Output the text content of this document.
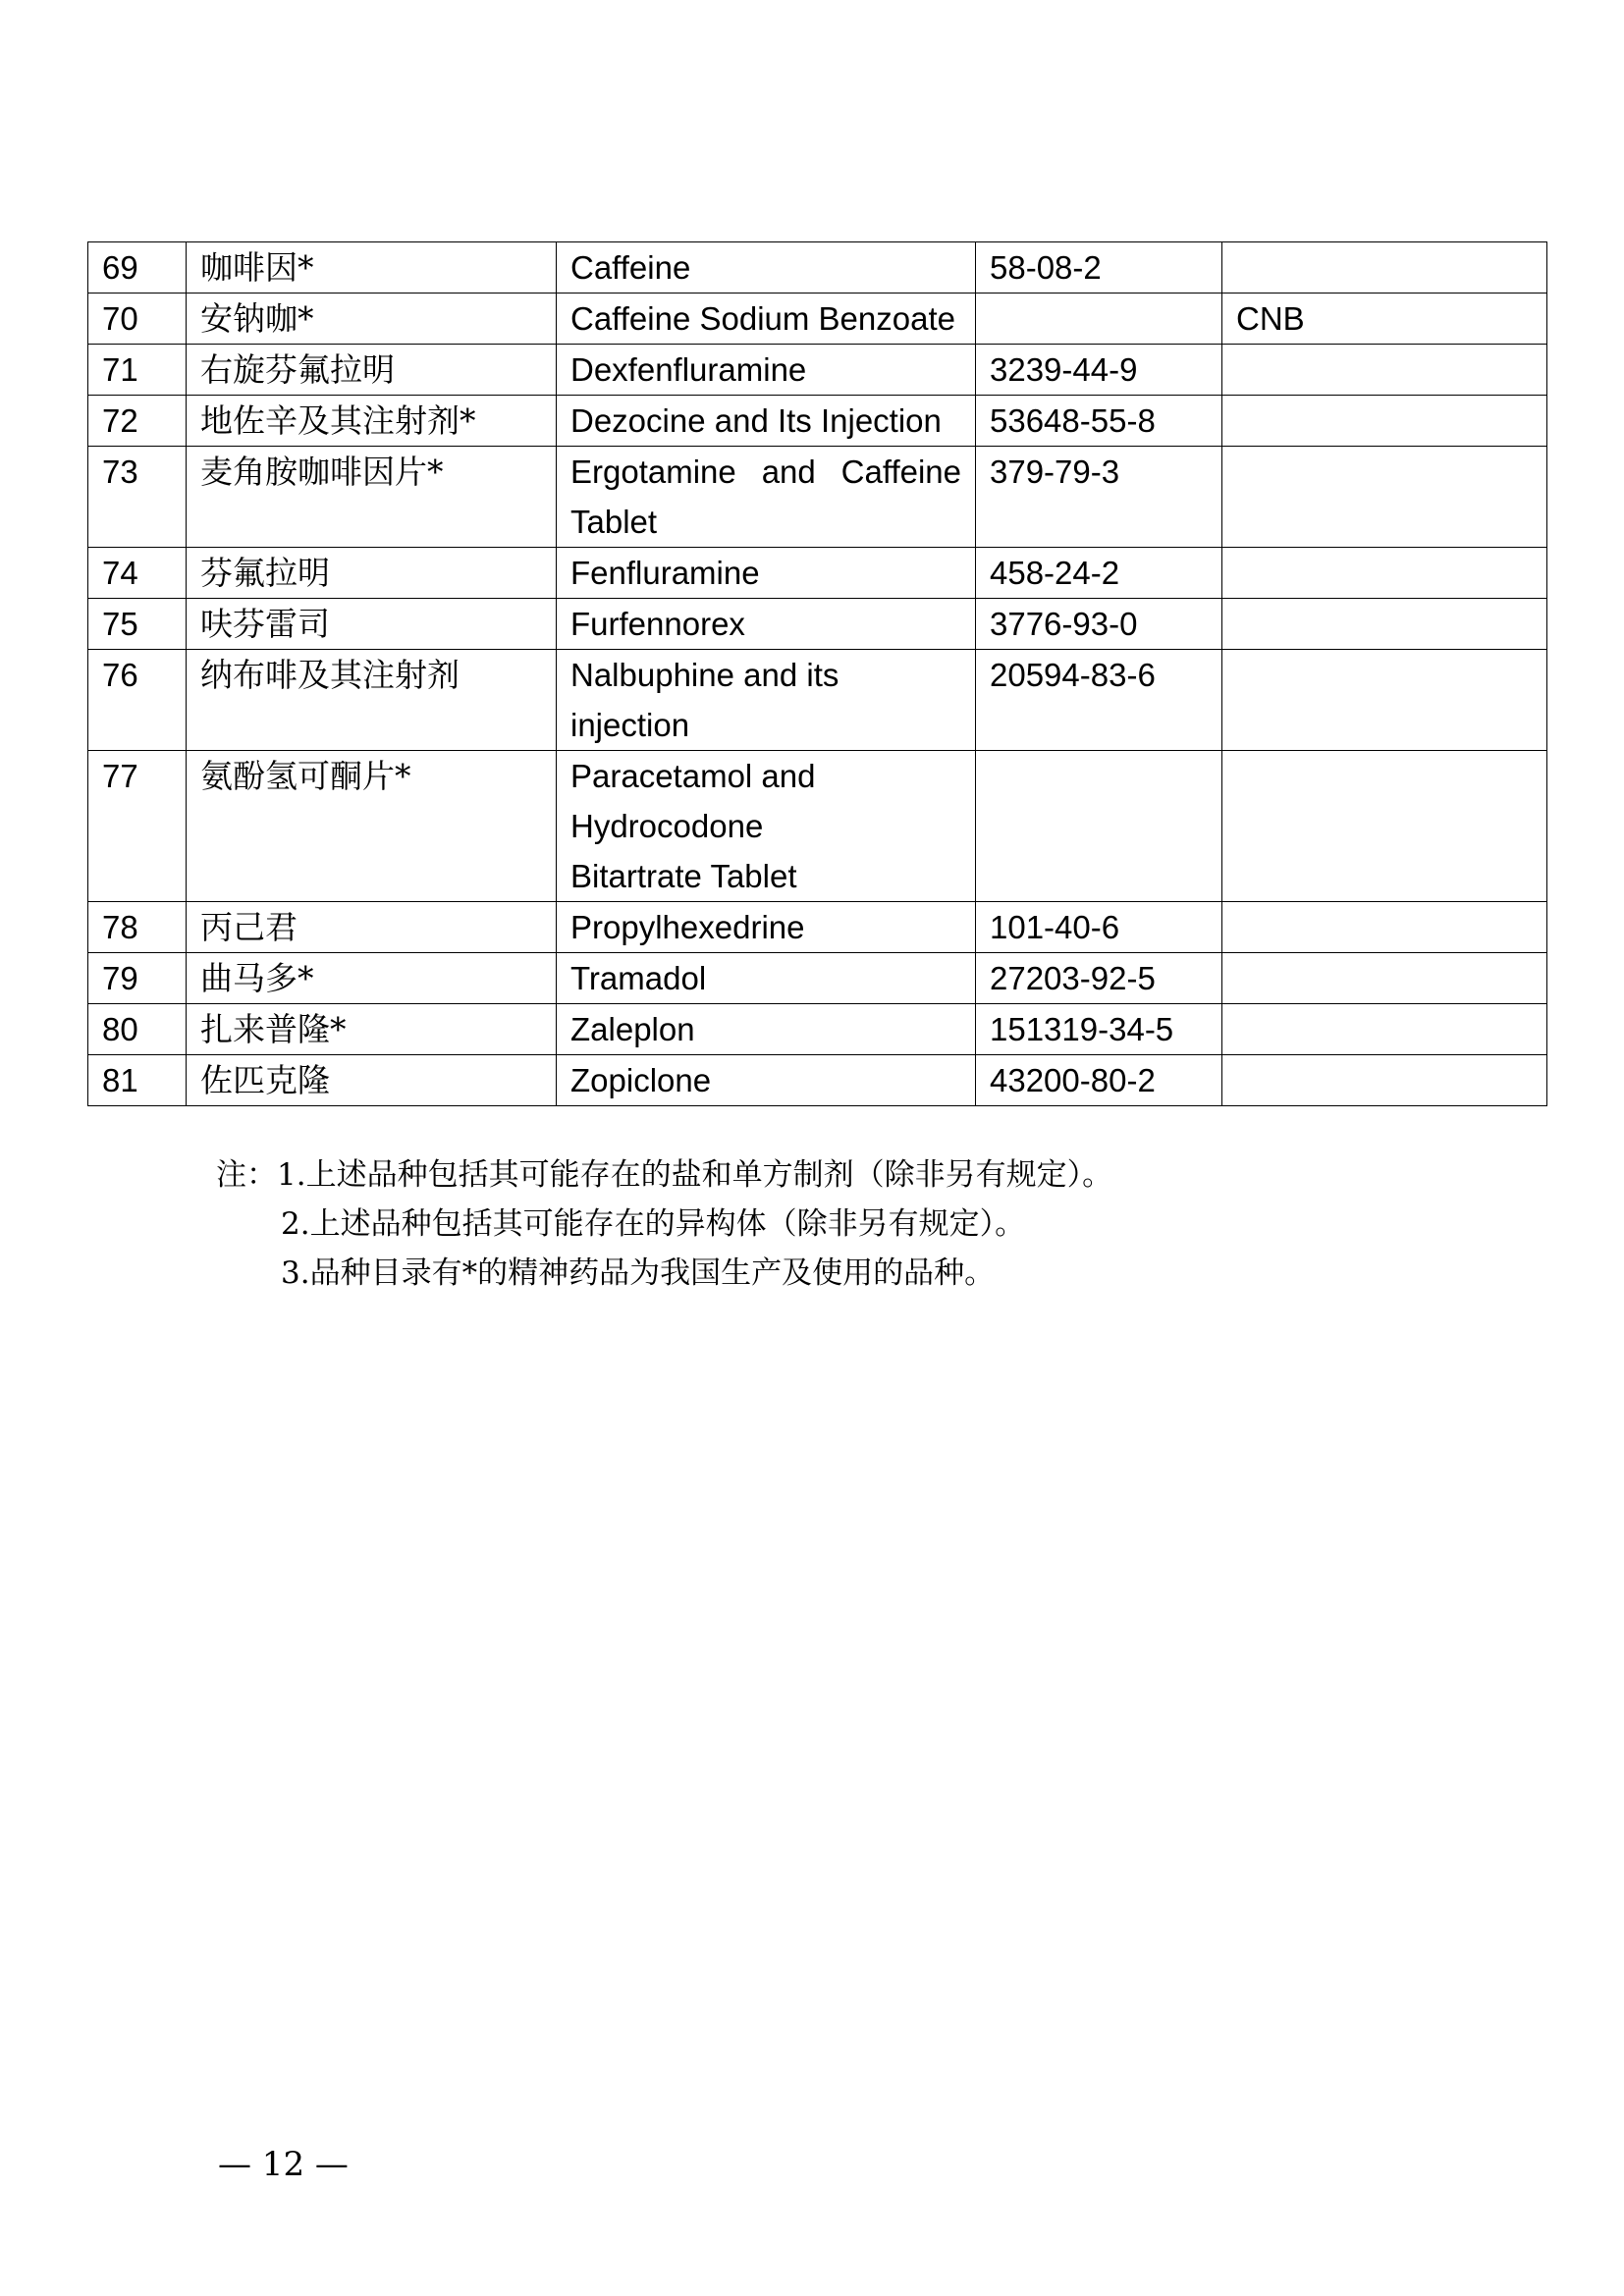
69	咖啡因*	Caffeine	58-08-2	
70	安钠咖*	Caffeine Sodium Benzoate		CNB
71	右旋芬氟拉明	Dexfenfluramine	3239-44-9	
72	地佐辛及其注射剂*	Dezocine and Its Injection	53648-55-8	
73	麦角胺咖啡因片*	Ergotamine and Caffeine Tablet	379-79-3	
74	芬氟拉明	Fenfluramine	458-24-2	
75	呋芬雷司	Furfennorex	3776-93-0	
76	纳布啡及其注射剂	Nalbuphine and its injection	20594-83-6	
77	氨酚氢可酮片*	Paracetamol and Hydrocodone Bitartrate Tablet		
78	丙己君	Propylhexedrine	101-40-6	
79	曲马多*	Tramadol	27203-92-5	
80	扎来普隆*	Zaleplon	151319-34-5	
81	佐匹克隆	Zopiclone	43200-80-2	
注：1.上述品种包括其可能存在的盐和单方制剂（除非另有规定）。
2.上述品种包括其可能存在的异构体（除非另有规定）。
3.品种目录有*的精神药品为我国生产及使用的品种。
— 12 —
